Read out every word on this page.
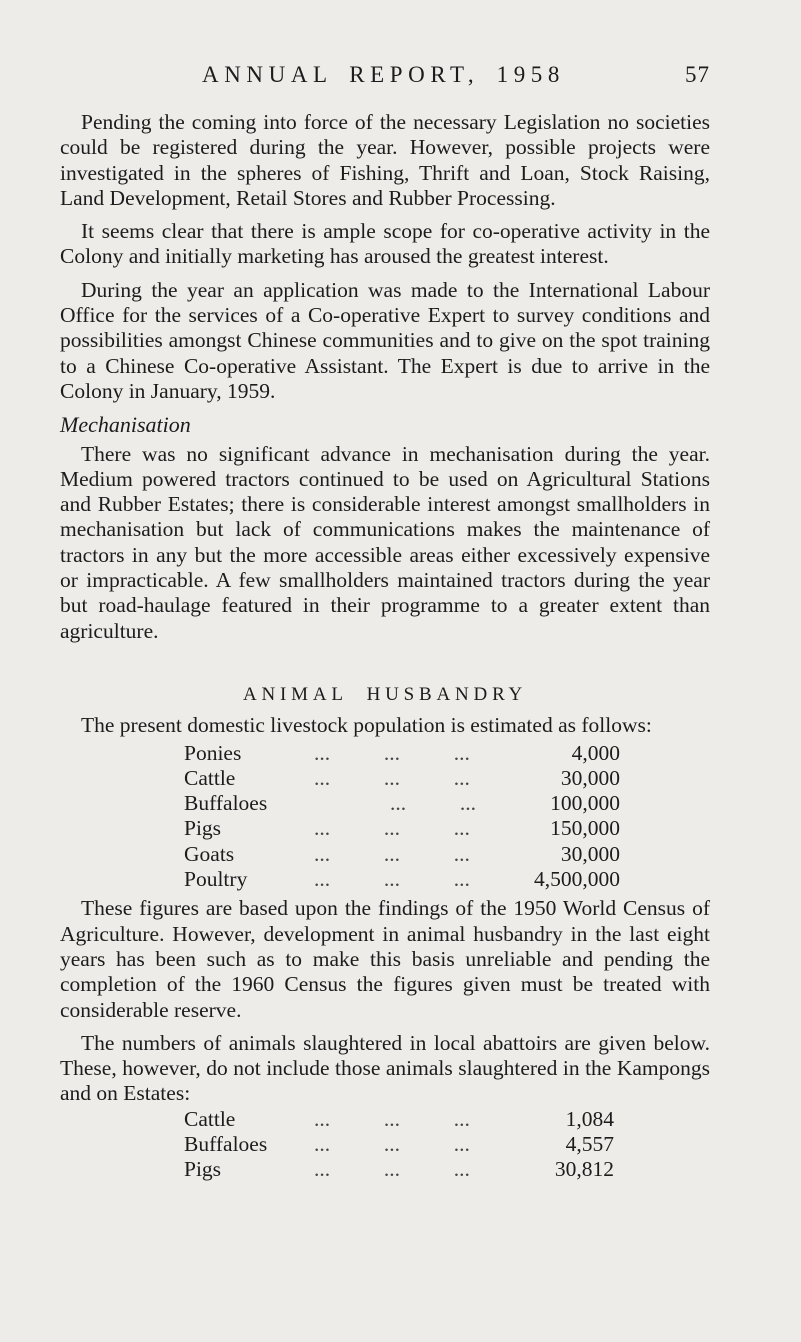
ANNUAL REPORT, 1958	57

Pending the coming into force of the necessary Legislation no societies could be registered during the year. However, possible projects were investigated in the spheres of Fishing, Thrift and Loan, Stock Raising, Land Development, Retail Stores and Rubber Processing.

It seems clear that there is ample scope for co-operative activity in the Colony and initially marketing has aroused the greatest interest.

During the year an application was made to the International Labour Office for the services of a Co-operative Expert to survey conditions and possibilities amongst Chinese communities and to give on the spot training to a Chinese Co-operative Assistant. The Expert is due to arrive in the Colony in January, 1959.

Mechanisation

There was no significant advance in mechanisation during the year. Medium powered tractors continued to be used on Agricultural Stations and Rubber Estates; there is considerable interest amongst smallholders in mechanisation but lack of communications makes the maintenance of tractors in any but the more accessible areas either excessively expensive or impracticable. A few smallholders maintained tractors during the year but road-haulage featured in their programme to a greater extent than agriculture.

ANIMAL HUSBANDRY

The present domestic livestock population is estimated as follows:

Ponies	...          ...          ...	4,000
Cattle	...          ...          ...	30,000
Buffaloes	...          ...	100,000
Pigs	...          ...          ...	150,000
Goats	...          ...          ...	30,000
Poultry	...          ...          ...	4,500,000

These figures are based upon the findings of the 1950 World Census of Agriculture. However, development in animal husbandry in the last eight years has been such as to make this basis unreliable and pending the completion of the 1960 Census the figures given must be treated with considerable reserve.

The numbers of animals slaughtered in local abattoirs are given below. These, however, do not include those animals slaughtered in the Kampongs and on Estates:

Cattle	...          ...          ...	1,084
Buffaloes ...          ...          ...	4,557
Pigs	...          ...          ...	30,812
